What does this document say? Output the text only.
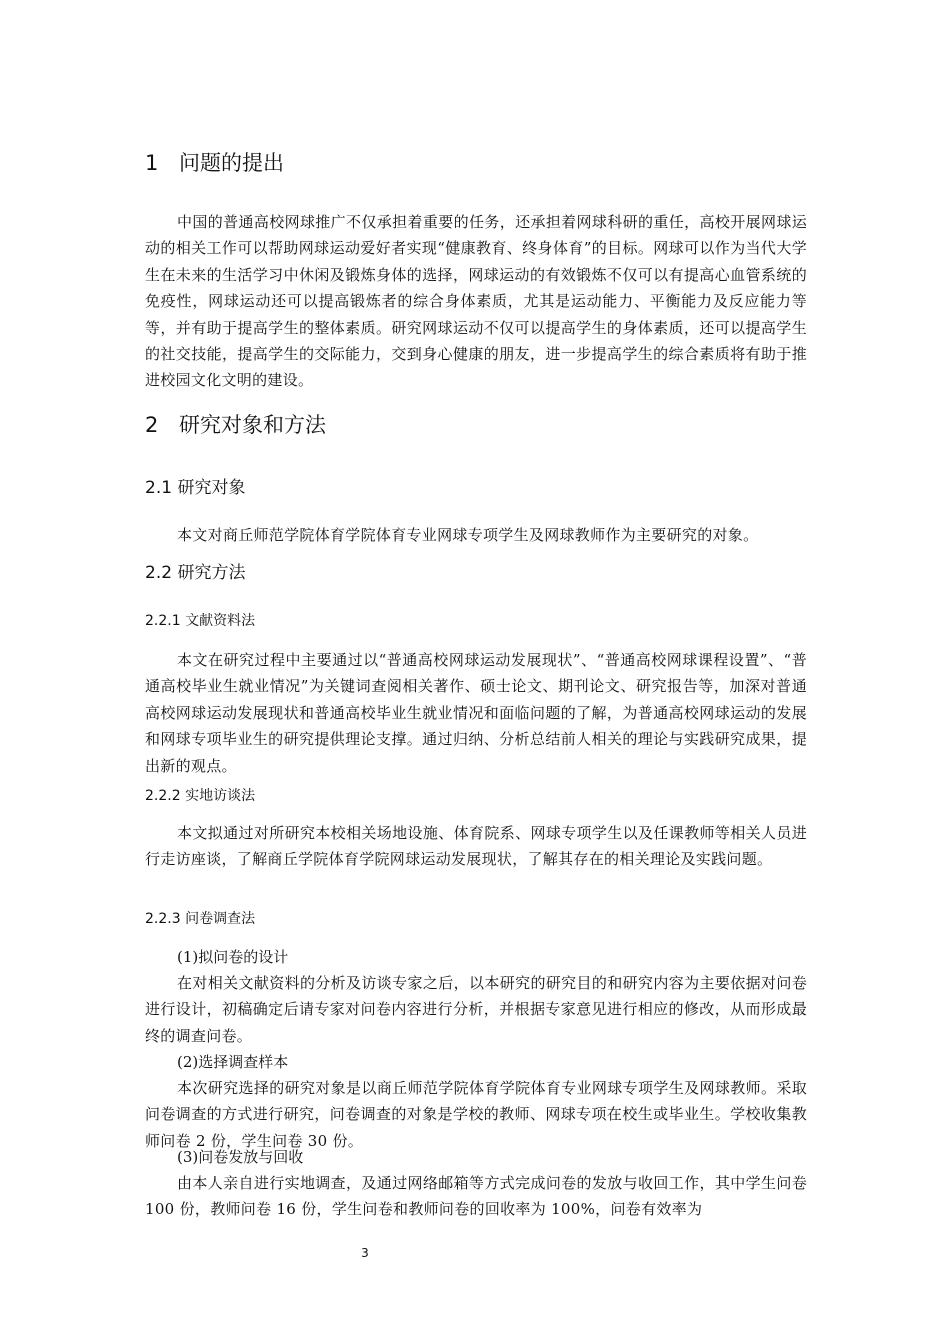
1 问题的提出
中国的普通高校网球推广不仅承担着重要的任务，还承担着网球科研的重任，高校开展网球运动的相关工作可以帮助网球运动爱好者实现“健康教育、终身体育”的目标。网球可以作为当代大学生在未来的生活学习中休闲及锻炼身体的选择，网球运动的有效锻炼不仅可以有提高心血管系统的免疫性，网球运动还可以提高锻炼者的综合身体素质，尤其是运动能力、平衡能力及反应能力等等，并有助于提高学生的整体素质。研究网球运动不仅可以提高学生的身体素质，还可以提高学生的社交技能，提高学生的交际能力，交到身心健康的朋友，进一步提高学生的综合素质将有助于推进校园文化文明的建设。
2 研究对象和方法
2.1 研究对象
本文对商丘师范学院体育学院体育专业网球专项学生及网球教师作为主要研究的对象。
2.2 研究方法
2.2.1 文献资料法
本文在研究过程中主要通过以“普通高校网球运动发展现状”、“普通高校网球课程设置”、“普通高校毕业生就业情况”为关键词查阅相关著作、硕士论文、期刊论文、研究报告等，加深对普通高校网球运动发展现状和普通高校毕业生就业情况和面临问题的了解，为普通高校网球运动的发展和网球专项毕业生的研究提供理论支撑。通过归纳、分析总结前人相关的理论与实践研究成果，提出新的观点。
2.2.2 实地访谈法
本文拟通过对所研究本校相关场地设施、体育院系、网球专项学生以及任课教师等相关人员进行走访座谈，了解商丘学院体育学院网球运动发展现状，了解其存在的相关理论及实践问题。
2.2.3 问卷调查法
(1)拟问卷的设计
在对相关文献资料的分析及访谈专家之后，以本研究的研究目的和研究内容为主要依据对问卷进行设计，初稿确定后请专家对问卷内容进行分析，并根据专家意见进行相应的修改，从而形成最终的调查问卷。
(2)选择调查样本
本次研究选择的研究对象是以商丘师范学院体育学院体育专业网球专项学生及网球教师。采取问卷调查的方式进行研究，问卷调查的对象是学校的教师、网球专项在校生或毕业生。学校收集教师问卷 2 份，学生问卷 30 份。
(3)问卷发放与回收
由本人亲自进行实地调查，及通过网络邮箱等方式完成问卷的发放与收回工作，其中学生问卷 100 份，教师问卷 16 份，学生问卷和教师问卷的回收率为 100%，问卷有效率为
3
